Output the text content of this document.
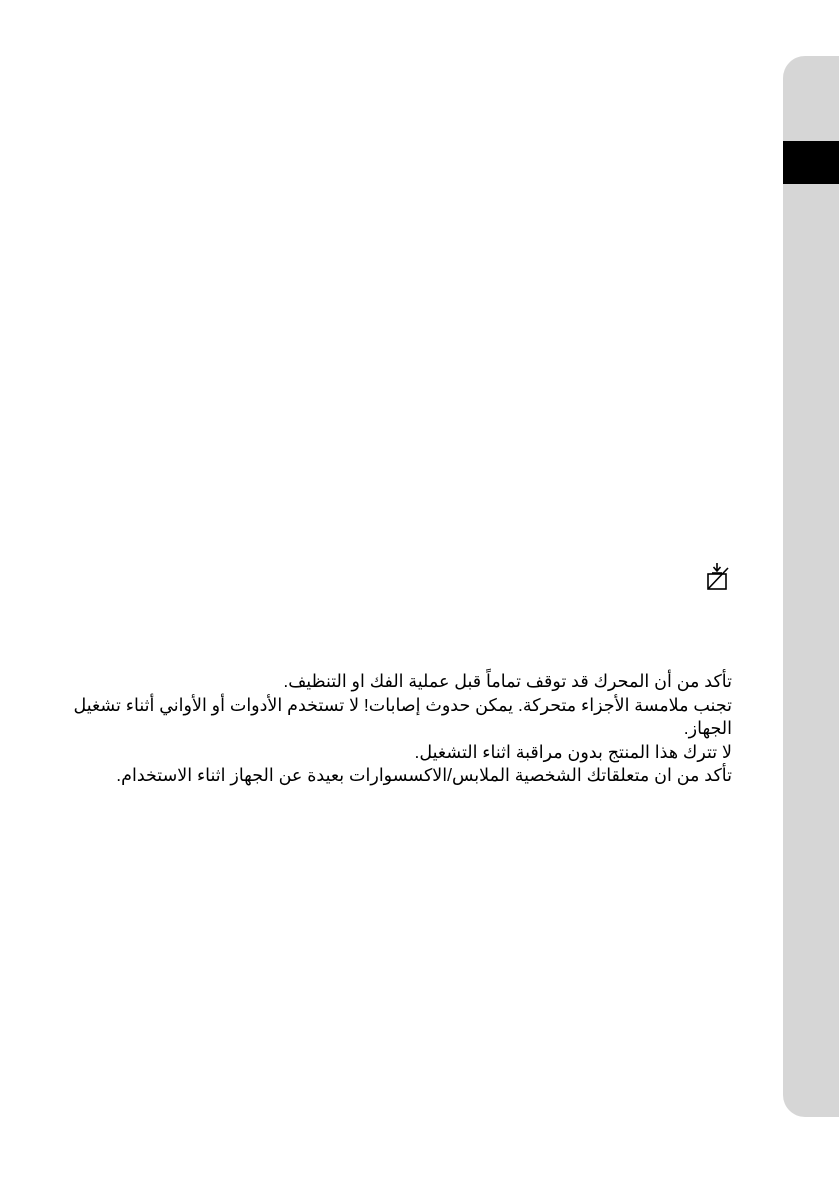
تأكد من أن المحرك قد توقف تماماً قبل عملية الفك او التنظيف.

تجنب ملامسة الأجزاء متحركة. يمكن حدوث إصابات! لا تستخدم الأدوات أو الأواني أثناء تشغيل الجهاز.

لا تترك هذا المنتج بدون مراقبة اثناء التشغيل.

تأكد من ان متعلقاتك الشخصية الملابس/الاكسسوارات بعيدة عن الجهاز اثناء الاستخدام.
